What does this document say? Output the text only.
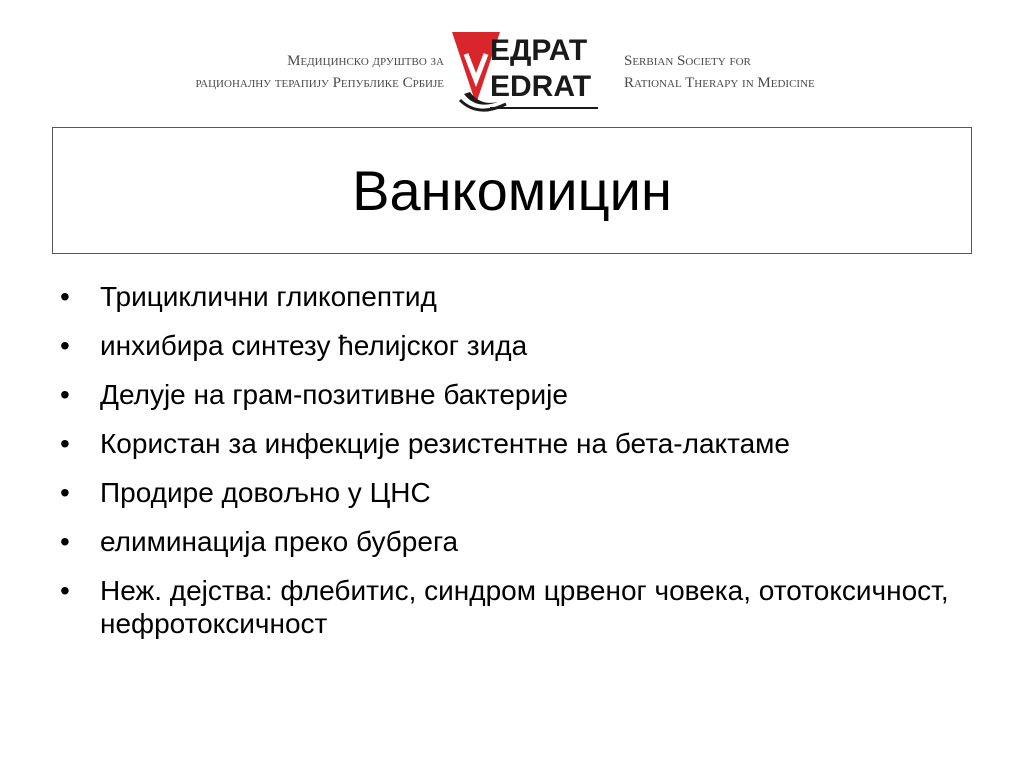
Медицинско друштво за
рационалну терапију Републике Србије
ЕДРАТ
EDRAT
Serbian Society for
Rational Therapy in Medicine
Ванкомицин
• Трициклични гликопептид
• инхибира синтезу ћелијског зида
• Делује на грам-позитивне бактерије
• Користан за инфекције резистентне на бета-лактаме
• Продире довољно у ЦНС
• елиминација преко бубрега
• Неж. дејства: флебитис, синдром црвеног човека, ототоксичност, нефротоксичност
